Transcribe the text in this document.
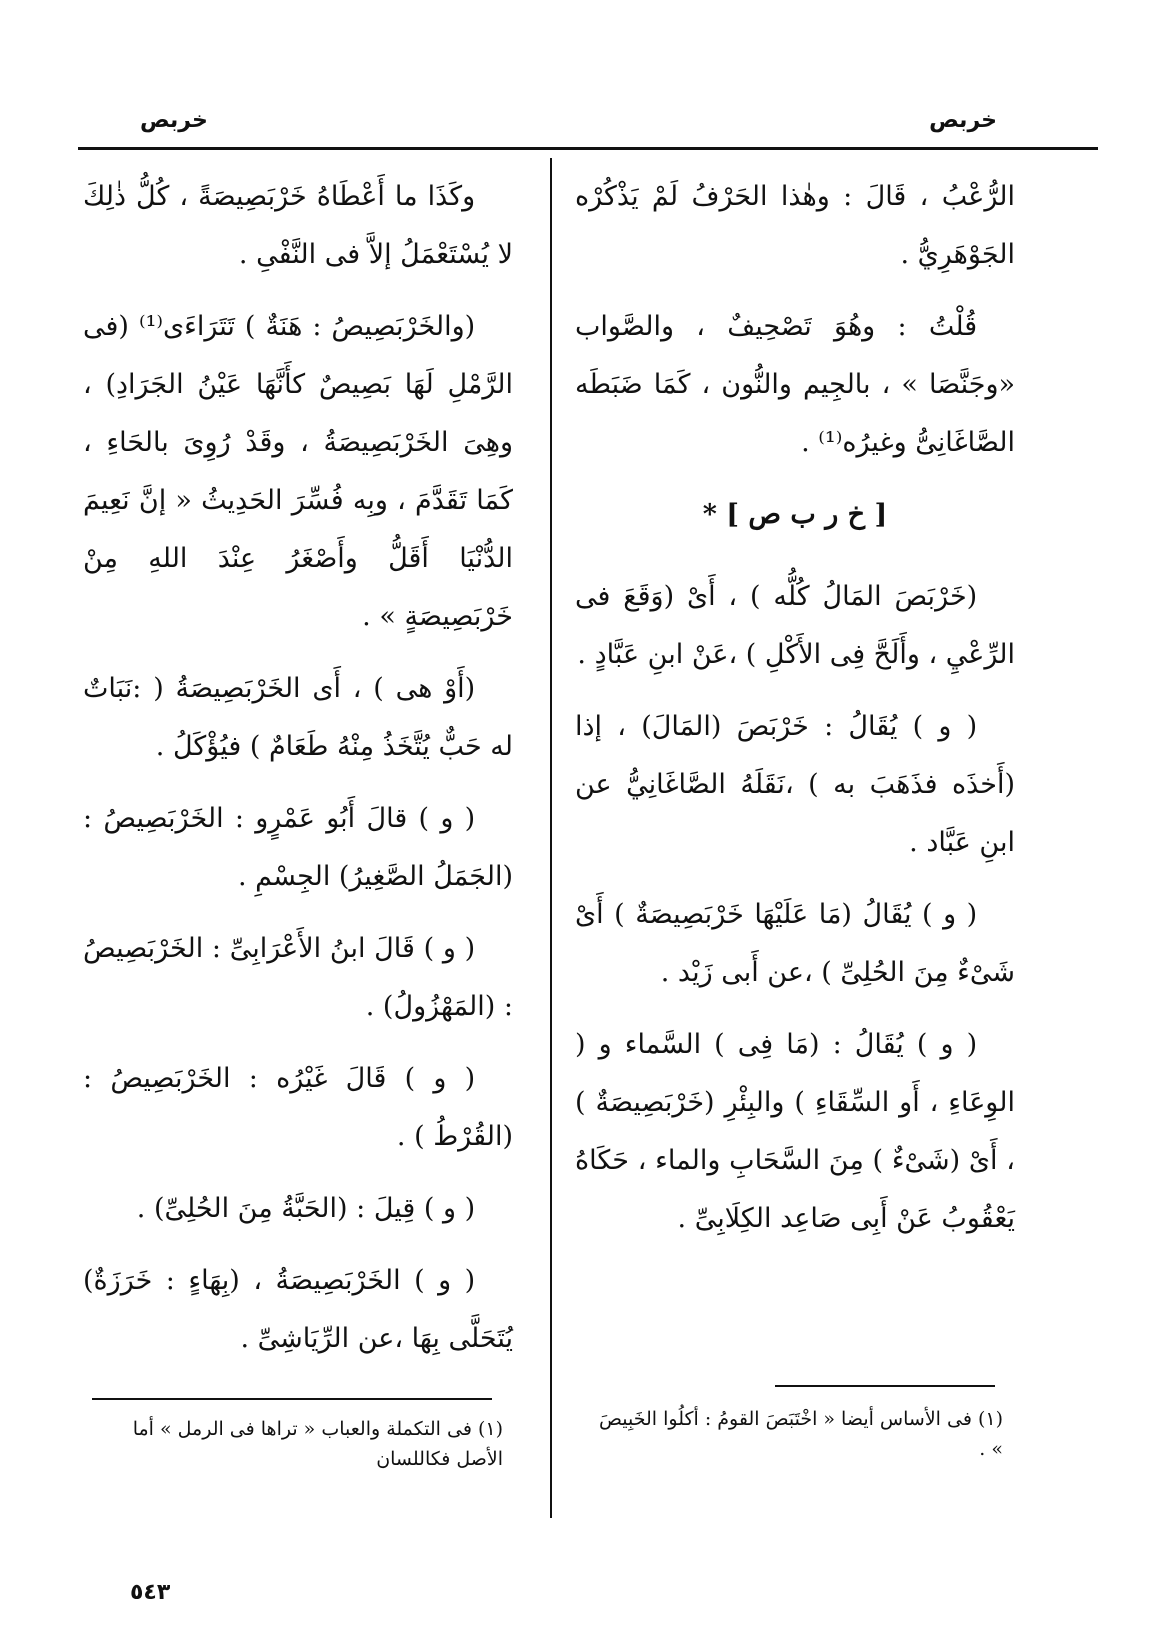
خربص
خربص

الرُّعْبُ ، قَالَ : وهٰذا الحَرْفُ لَمْ يَذْكُرْه الجَوْهَرِيُّ .

قُلْتُ : وهُوَ تَصْحِيفٌ ، والصَّواب «وجَنَّصَا » ، بالجِيم والنُّون ، كَمَا ضَبَطَه الصَّاغَانِىُّ وغيرُه⁽¹⁾ .

[ خ ر ب ص ] *

(خَرْبَصَ المَالُ كُلُّه ) ، أَىْ (وَقَعَ فى الرِّعْيِ ، وأَلَحَّ فِى الأَكْلِ ) ،عَنْ ابنِ عَبَّادٍ .

( و ) يُقَالُ : خَرْبَصَ (المَالَ) ، إذا (أَخذَه فذَهَبَ به ) ،نَقَلَهُ الصَّاغَانِيُّ عن ابنِ عَبَّاد .

( و ) يُقَالُ (مَا عَلَيْهَا خَرْبَصِيصَةٌ ) أَىْ شَىْءٌ مِنَ الحُلِىِّ ) ،عن أَبى زَيْد .

( و ) يُقَالُ : (مَا فِى ) السَّماء و ( الوِعَاءِ ، أَو السِّقَاءِ ) والبِئْرِ (خَرْبَصِيصَةٌ ) ، أَىْ (شَىْءٌ ) مِنَ السَّحَابِ والماء ، حَكَاهُ يَعْقُوبُ عَنْ أَبِى صَاعِد الكِلَابِىِّ .

وكَذَا ما أَعْطَاهُ خَرْبَصِيصَةً ، كُلُّ ذٰلِكَ لا يُسْتَعْمَلُ إلاَّ فى النَّفْىِ .

(والخَرْبَصِيصُ : هَنَةٌ ) تَتَرَاءَى⁽¹⁾ (فى الرَّمْلِ لَهَا بَصِيصٌ كأَنَّهَا عَيْنُ الجَرَادِ) ، وهِىَ الخَرْبَصِيصَةُ ، وقَدْ رُوِىَ بالحَاءِ ، كَمَا تَقَدَّمَ ، وبِه فُسِّرَ الحَدِيثُ « إنَّ نَعِيمَ الدُّنْيَا أَقَلُّ وأَصْغَرُ عِنْدَ اللهِ مِنْ خَرْبَصِيصَةٍ » .

(أَوْ هى ) ، أَى الخَرْبَصِيصَةُ ( :نَبَاتٌ له حَبٌّ يُتَّخَذُ مِنْهُ طَعَامٌ ) فيُؤْكَلُ .

( و ) قالَ أَبُو عَمْرٍو : الخَرْبَصِيصُ : (الجَمَلُ الصَّغِيرُ) الجِسْمِ .

( و ) قَالَ ابنُ الأَعْرَابِىِّ : الخَرْبَصِيصُ : (المَهْزُولُ) .

( و ) قَالَ غَيْرُه : الخَرْبَصِيصُ : (القُرْطُ ) .

( و ) قِيلَ : (الحَبَّةُ مِنَ الحُلِىِّ) .

( و ) الخَرْبَصِيصَةُ ، (بِهَاءٍ : خَرَزَةٌ) يُتَحَلَّى بِهَا ،عن الرِّيَاشِىِّ .

(١) فى الأساس أيضا « اخْتَبَصَ القومُ : أكلُوا الخَبِيصَ » .
(١) فى التكملة والعباب « تراها فى الرمل » أما الأصل فكاللسان
٥٤٣
